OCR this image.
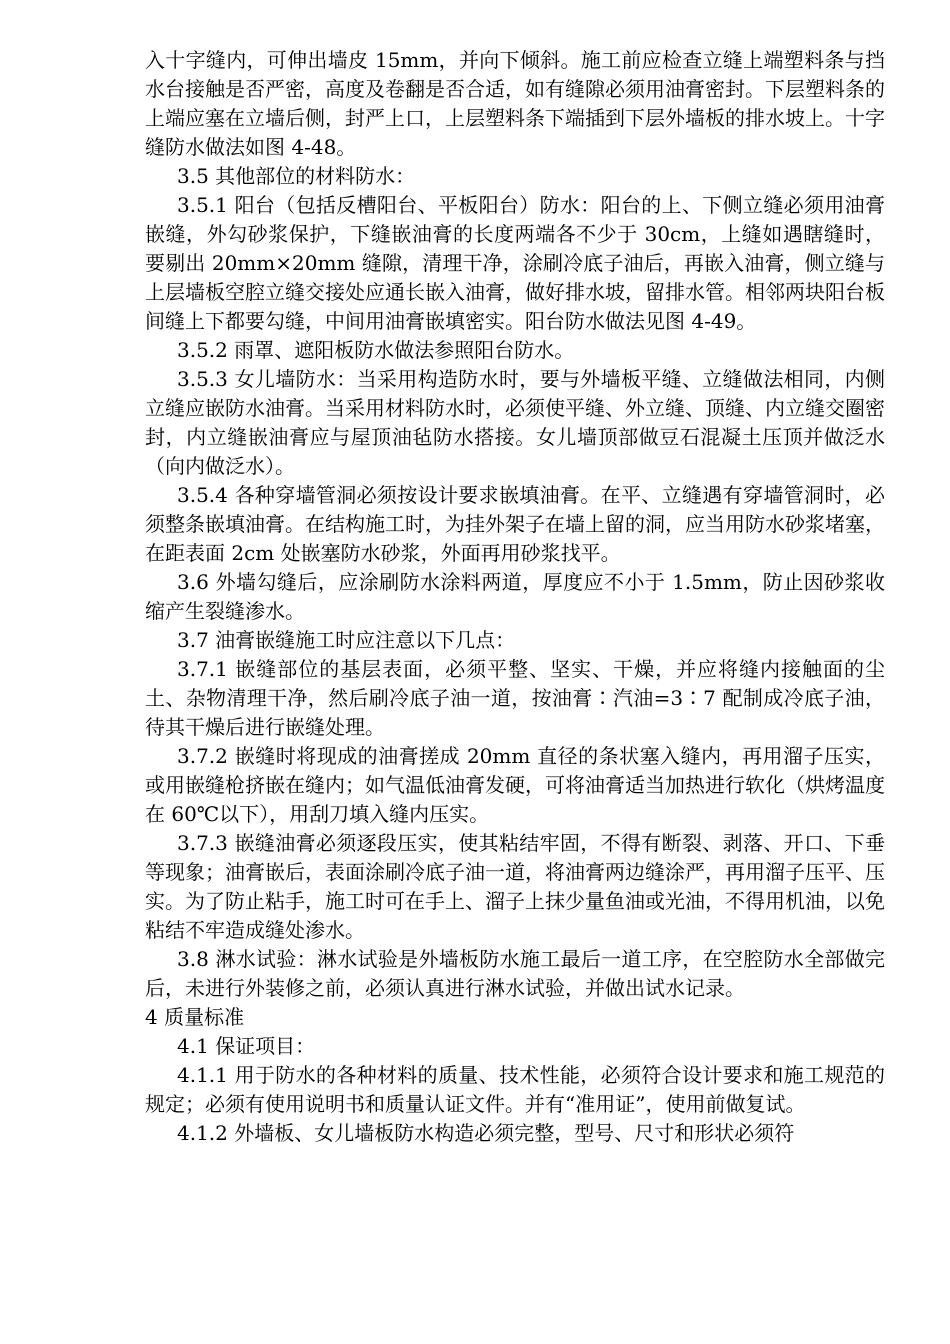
入十字缝内，可伸出墙皮 15mm，并向下倾斜。施工前应检查立缝上端塑料条与挡水台接触是否严密，高度及卷翻是否合适，如有缝隙必须用油膏密封。下层塑料条的上端应塞在立墙后侧，封严上口，上层塑料条下端插到下层外墙板的排水坡上。十字缝防水做法如图 4-48。

3.5 其他部位的材料防水：

3.5.1 阳台（包括反槽阳台、平板阳台）防水：阳台的上、下侧立缝必须用油膏嵌缝，外勾砂浆保护，下缝嵌油膏的长度两端各不少于 30cm，上缝如遇瞎缝时，要剔出 20mm×20mm 缝隙，清理干净，涂刷冷底子油后，再嵌入油膏，侧立缝与上层墙板空腔立缝交接处应通长嵌入油膏，做好排水坡，留排水管。相邻两块阳台板间缝上下都要勾缝，中间用油膏嵌填密实。阳台防水做法见图 4-49。

3.5.2 雨罩、遮阳板防水做法参照阳台防水。

3.5.3 女儿墙防水：当采用构造防水时，要与外墙板平缝、立缝做法相同，内侧立缝应嵌防水油膏。当采用材料防水时，必须使平缝、外立缝、顶缝、内立缝交圈密封，内立缝嵌油膏应与屋顶油毡防水搭接。女儿墙顶部做豆石混凝土压顶并做泛水（向内做泛水）。

3.5.4 各种穿墙管洞必须按设计要求嵌填油膏。在平、立缝遇有穿墙管洞时，必须整条嵌填油膏。在结构施工时，为挂外架子在墙上留的洞，应当用防水砂浆堵塞，在距表面 2cm 处嵌塞防水砂浆，外面再用砂浆找平。

3.6 外墙勾缝后，应涂刷防水涂料两道，厚度应不小于 1.5mm，防止因砂浆收缩产生裂缝渗水。

3.7 油膏嵌缝施工时应注意以下几点：

3.7.1 嵌缝部位的基层表面，必须平整、坚实、干燥，并应将缝内接触面的尘土、杂物清理干净，然后刷冷底子油一道，按油膏∶汽油=3∶7 配制成冷底子油，待其干燥后进行嵌缝处理。

3.7.2 嵌缝时将现成的油膏搓成 20mm 直径的条状塞入缝内，再用溜子压实，或用嵌缝枪挤嵌在缝内；如气温低油膏发硬，可将油膏适当加热进行软化（烘烤温度在 60℃以下），用刮刀填入缝内压实。

3.7.3 嵌缝油膏必须逐段压实，使其粘结牢固，不得有断裂、剥落、开口、下垂等现象；油膏嵌后，表面涂刷冷底子油一道，将油膏两边缝涂严，再用溜子压平、压实。为了防止粘手，施工时可在手上、溜子上抹少量鱼油或光油，不得用机油，以免粘结不牢造成缝处渗水。

3.8 淋水试验：淋水试验是外墙板防水施工最后一道工序，在空腔防水全部做完后，未进行外装修之前，必须认真进行淋水试验，并做出试水记录。

4 质量标准

4.1 保证项目：

4.1.1 用于防水的各种材料的质量、技术性能，必须符合设计要求和施工规范的规定；必须有使用说明书和质量认证文件。并有“准用证”，使用前做复试。

4.1.2 外墙板、女儿墙板防水构造必须完整，型号、尺寸和形状必须符
